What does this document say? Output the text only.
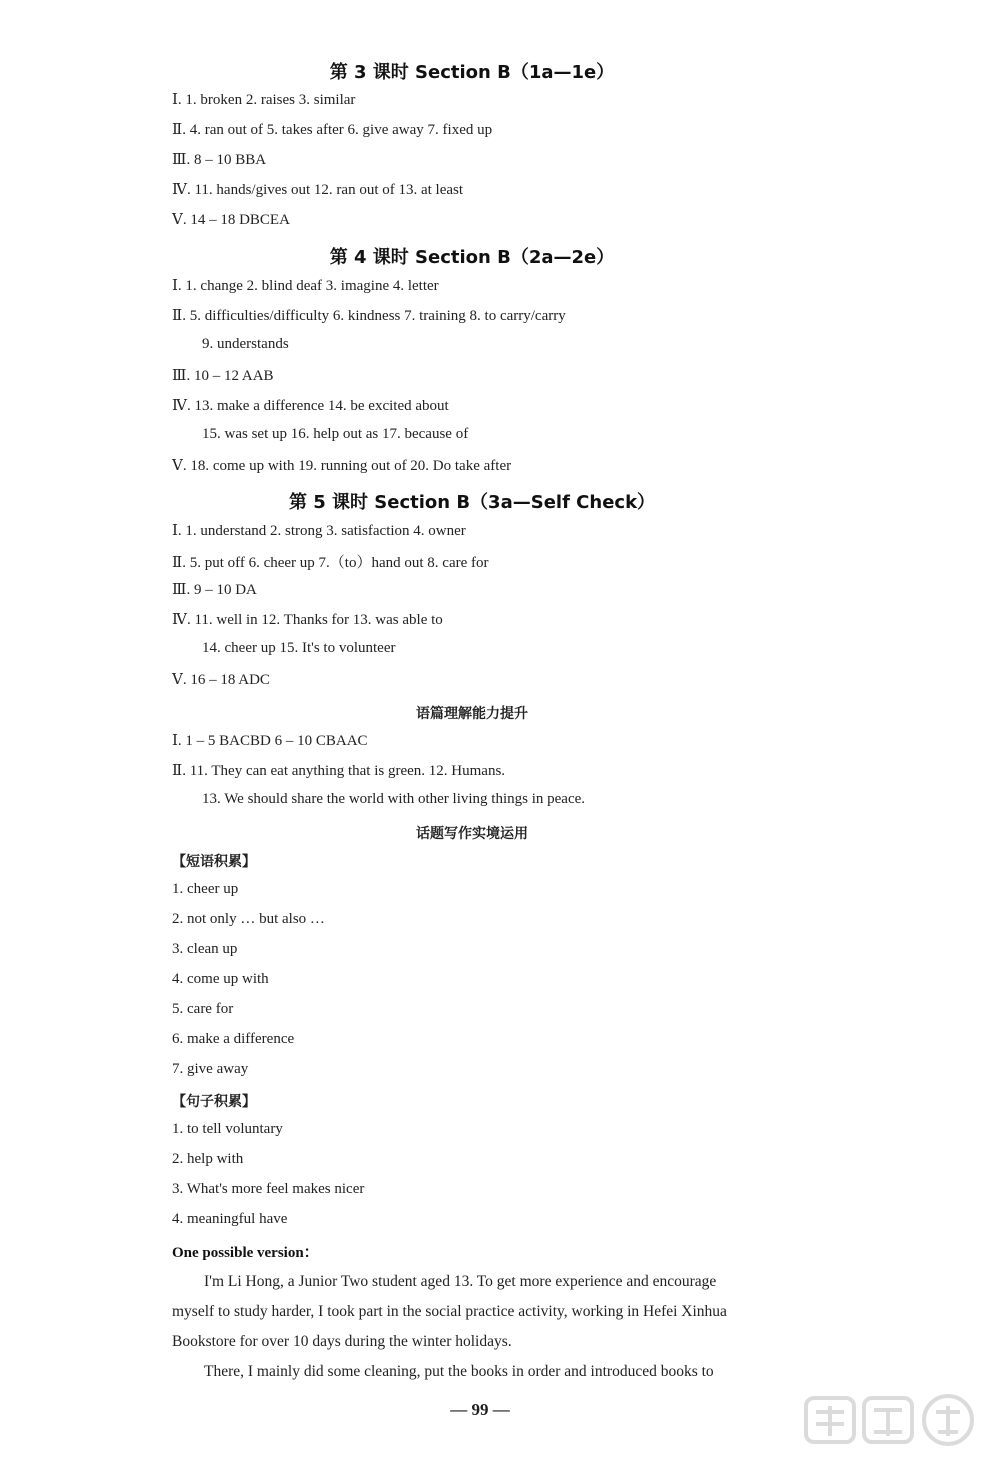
第 3 课时 Section B（1a—1e）
Ⅰ. 1. broken 2. raises 3. similar
Ⅱ. 4. ran out of 5. takes after 6. give away 7. fixed up
Ⅲ. 8 – 10 BBA
Ⅳ. 11. hands/gives out 12. ran out of 13. at least
Ⅴ. 14 – 18 DBCEA
第 4 课时 Section B（2a—2e）
Ⅰ. 1. change 2. blind deaf 3. imagine 4. letter
Ⅱ. 5. difficulties/difficulty 6. kindness 7. training 8. to carry/carry
9. understands
Ⅲ. 10 – 12 AAB
Ⅳ. 13. make a difference 14. be excited about
15. was set up 16. help out as 17. because of
Ⅴ. 18. come up with 19. running out of 20. Do take after
第 5 课时 Section B（3a—Self Check）
Ⅰ. 1. understand 2. strong 3. satisfaction 4. owner
Ⅱ. 5. put off 6. cheer up 7.（to）hand out 8. care for
Ⅲ. 9 – 10 DA
Ⅳ. 11. well in 12. Thanks for 13. was able to
14. cheer up 15. It's to volunteer
Ⅴ. 16 – 18 ADC
语篇理解能力提升
Ⅰ. 1 – 5 BACBD 6 – 10 CBAAC
Ⅱ. 11. They can eat anything that is green. 12. Humans.
13. We should share the world with other living things in peace.
话题写作实境运用
【短语积累】
1. cheer up
2. not only … but also …
3. clean up
4. come up with
5. care for
6. make a difference
7. give away
【句子积累】
1. to tell voluntary
2. help with
3. What's more feel makes nicer
4. meaningful have
One possible version：
I'm Li Hong, a Junior Two student aged 13. To get more experience and encourage
myself to study harder, I took part in the social practice activity, working in Hefei Xinhua
Bookstore for over 10 days during the winter holidays.
There, I mainly did some cleaning, put the books in order and introduced books to
— 99 —
